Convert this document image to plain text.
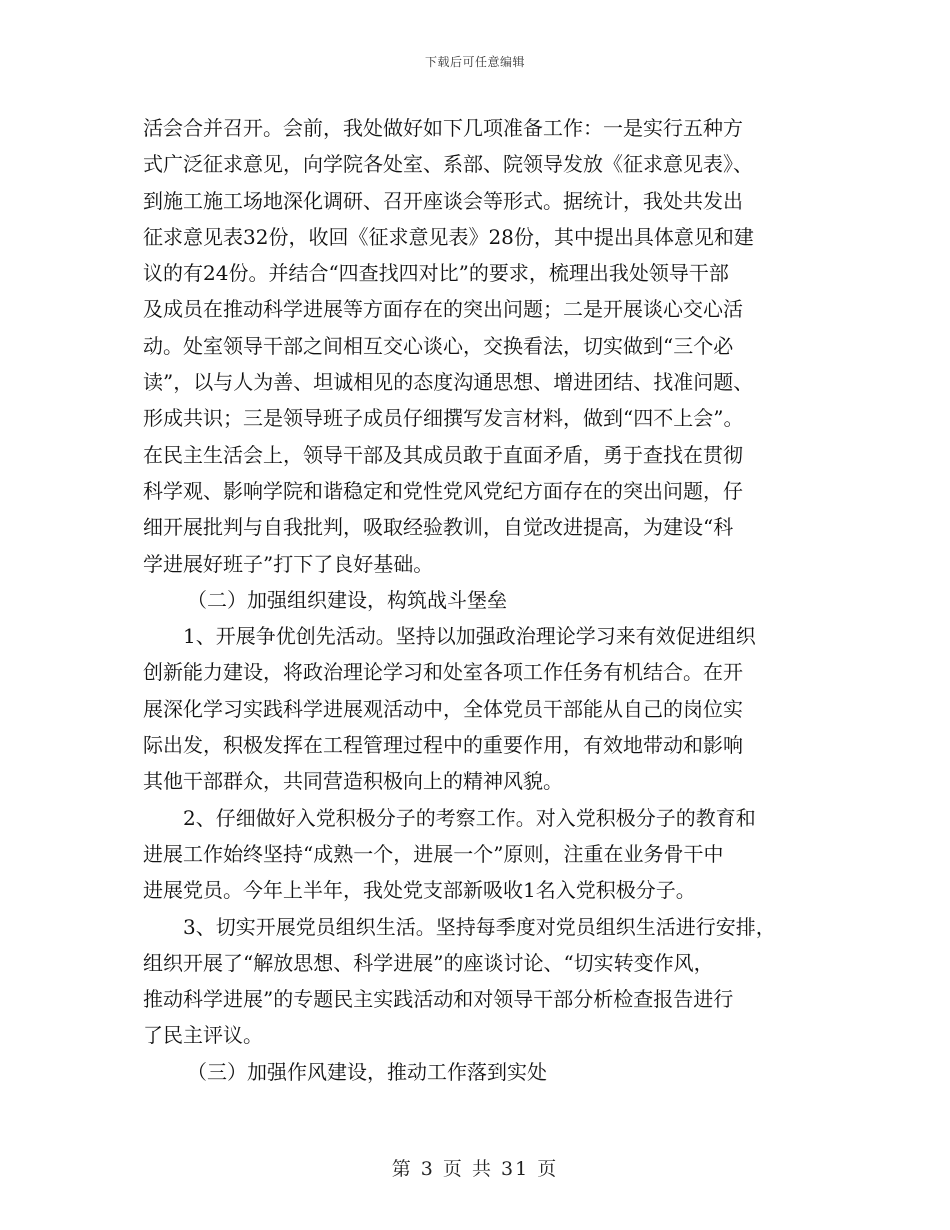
下载后可任意编辑
活会合并召开。会前，我处做好如下几项准备工作：一是实行五种方
式广泛征求意见，向学院各处室、系部、院领导发放《征求意见表》、
到施工施工场地深化调研、召开座谈会等形式。据统计，我处共发出
征求意见表32份，收回《征求意见表》28份，其中提出具体意见和建
议的有24份。并结合“四查找四对比”的要求，梳理出我处领导干部
及成员在推动科学进展等方面存在的突出问题；二是开展谈心交心活
动。处室领导干部之间相互交心谈心，交换看法，切实做到“三个必
读”，以与人为善、坦诚相见的态度沟通思想、增进团结、找准问题、
形成共识；三是领导班子成员仔细撰写发言材料，做到“四不上会”。
在民主生活会上，领导干部及其成员敢于直面矛盾，勇于查找在贯彻
科学观、影响学院和谐稳定和党性党风党纪方面存在的突出问题，仔
细开展批判与自我批判，吸取经验教训，自觉改进提高，为建设“科
学进展好班子”打下了良好基础。
（二）加强组织建设，构筑战斗堡垒
1、开展争优创先活动。坚持以加强政治理论学习来有效促进组织
创新能力建设，将政治理论学习和处室各项工作任务有机结合。在开
展深化学习实践科学进展观活动中，全体党员干部能从自己的岗位实
际出发，积极发挥在工程管理过程中的重要作用，有效地带动和影响
其他干部群众，共同营造积极向上的精神风貌。
2、仔细做好入党积极分子的考察工作。对入党积极分子的教育和
进展工作始终坚持“成熟一个，进展一个”原则，注重在业务骨干中
进展党员。今年上半年，我处党支部新吸收1名入党积极分子。
3、切实开展党员组织生活。坚持每季度对党员组织生活进行安排，
组织开展了“解放思想、科学进展”的座谈讨论、“切实转变作风，
推动科学进展”的专题民主实践活动和对领导干部分析检查报告进行
了民主评议。
（三）加强作风建设，推动工作落到实处
第 3 页 共 31 页
